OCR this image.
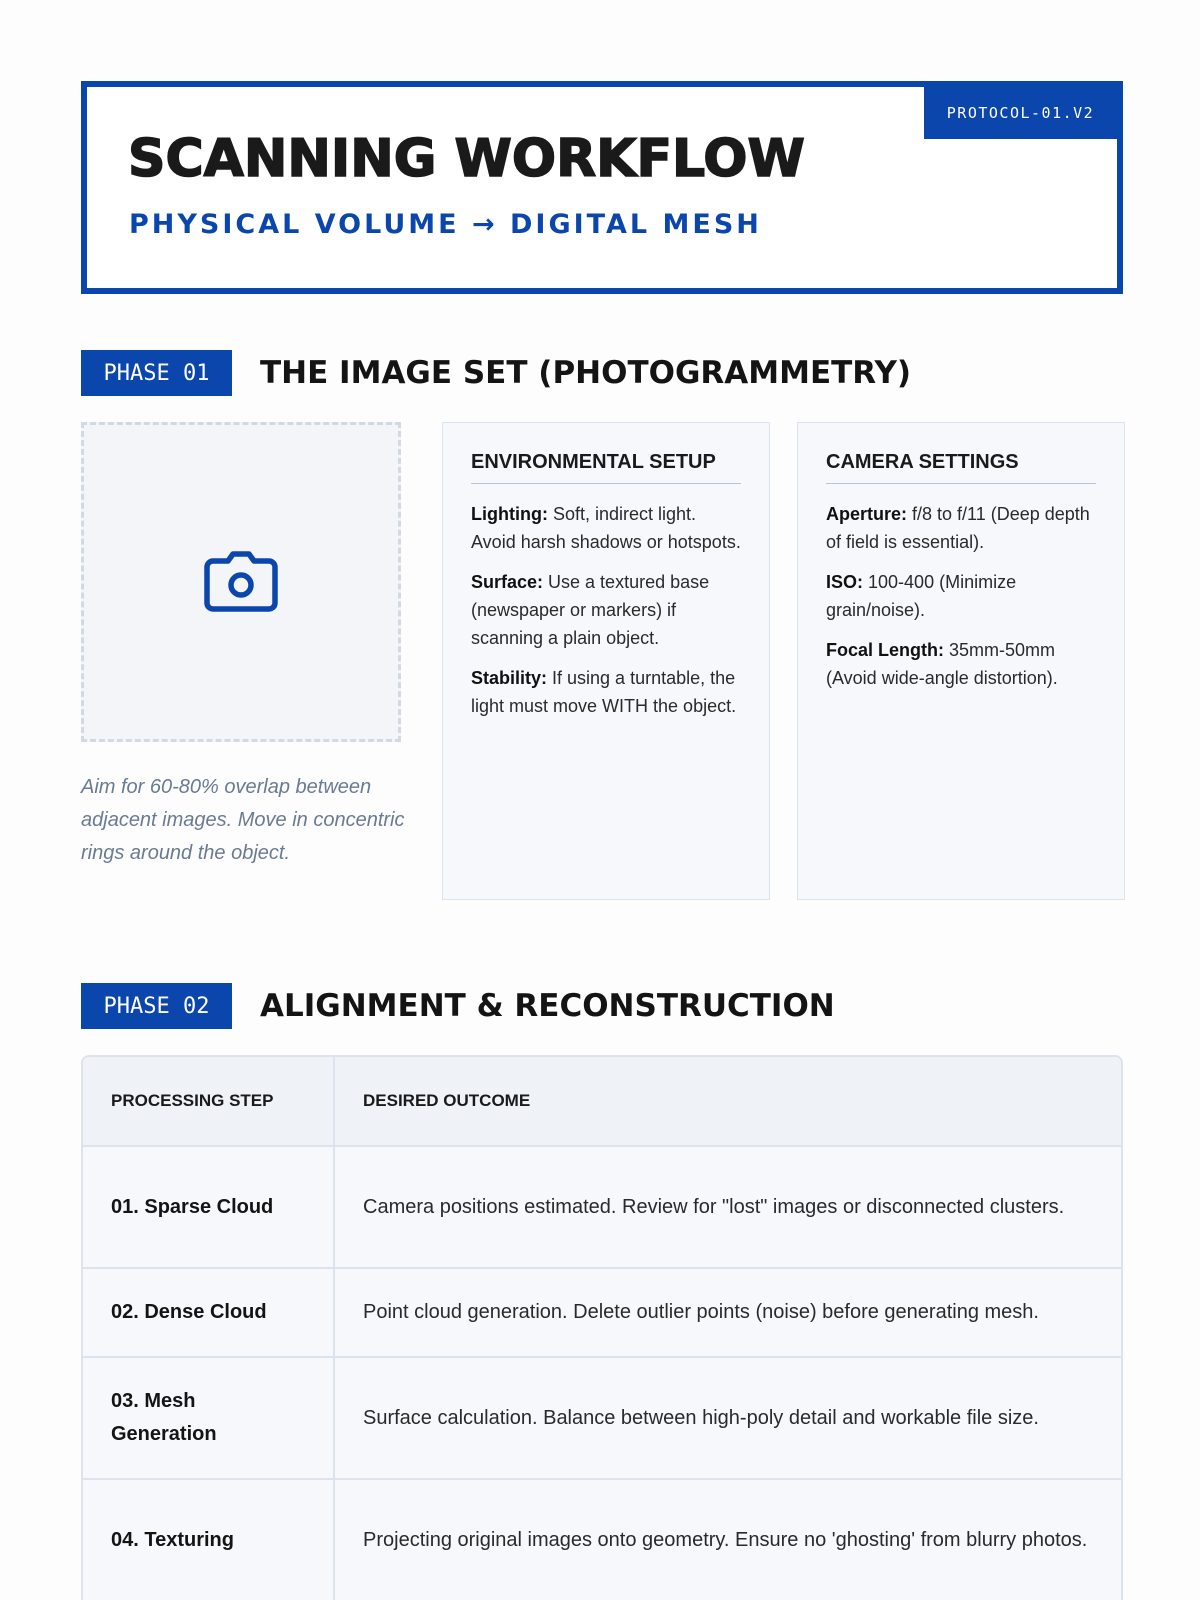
PROTOCOL-01.V2
SCANNING WORKFLOW
PHYSICAL VOLUME → DIGITAL MESH
PHASE 01	THE IMAGE SET (PHOTOGRAMMETRY)
Aim for 60-80% overlap between adjacent images. Move in concentric rings around the object.
ENVIRONMENTAL SETUP
Lighting: Soft, indirect light. Avoid harsh shadows or hotspots.
Surface: Use a textured base (newspaper or markers) if scanning a plain object.
Stability: If using a turntable, the light must move WITH the object.
CAMERA SETTINGS
Aperture: f/8 to f/11 (Deep depth of field is essential).
ISO: 100-400 (Minimize grain/noise).
Focal Length: 35mm-50mm (Avoid wide-angle distortion).
PHASE 02	ALIGNMENT & RECONSTRUCTION
PROCESSING STEP	DESIRED OUTCOME
01. Sparse Cloud	Camera positions estimated. Review for "lost" images or disconnected clusters.
02. Dense Cloud	Point cloud generation. Delete outlier points (noise) before generating mesh.
03. Mesh Generation	Surface calculation. Balance between high-poly detail and workable file size.
04. Texturing	Projecting original images onto geometry. Ensure no 'ghosting' from blurry photos.
